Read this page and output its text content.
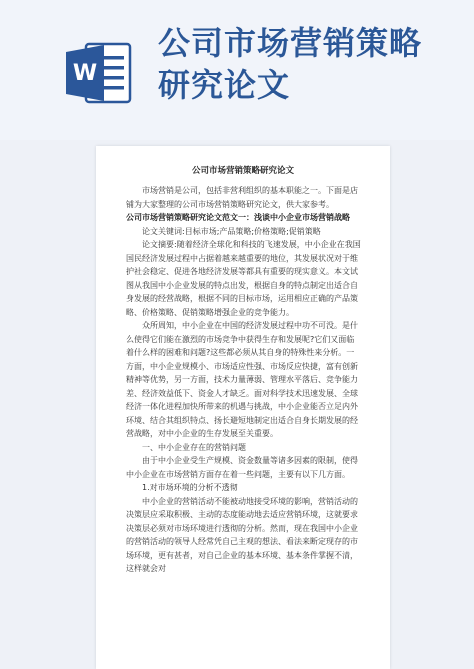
W
公司市场营销策略
研究论文
公司市场营销策略研究论文

市场营销是公司，包括非营利组织的基本职能之一。下面是店铺为大家整理的公司市场营销策略研究论文，供大家参考。

公司市场营销策略研究论文范文一：浅谈中小企业市场营销战略

论文关键词:目标市场;产品策略;价格策略;促销策略

论文摘要:随着经济全球化和科技的飞速发展，中小企业在我国国民经济发展过程中占据着越来越重要的地位，其发展状况对于维护社会稳定、促进各地经济发展等都具有重要的现实意义。本文试图从我国中小企业发展的特点出发，根据自身的特点制定出适合自身发展的经营战略，根据不同的目标市场，运用相应正确的产品策略、价格策略、促销策略增强企业的竞争能力。

众所周知，中小企业在中国的经济发展过程中功不可没。是什么使得它们能在激烈的市场竞争中获得生存和发展呢?它们又面临着什么样的困难和问题?这些都必须从其自身的特殊性来分析。一方面，中小企业规模小、市场适应性强、市场反应快捷，富有创新精神等优势，另一方面，技术力量薄弱、管理水平落后、竞争能力差、经济效益低下、资金人才缺乏。面对科学技术迅速发展、全球经济一体化进程加快所带来的机遇与挑战，中小企业能否立足内外环境、结合其组织特点、扬长避短地制定出适合自身长期发展的经营战略，对中小企业的生存发展至关重要。

一、中小企业存在的营销问题

由于中小企业受生产规模、资金数量等诸多因素的限制，使得中小企业在市场营销方面存在着一些问题，主要有以下几方面。

1.对市场环境的分析不透彻

中小企业的营销活动不能被动地接受环境的影响，营销活动的决策层应采取积极、主动的态度能动地去适应营销环境，这就要求决策层必须对市场环境进行透彻的分析。然而，现在我国中小企业的营销活动的领导人经常凭自己主观的想法、看法来断定现存的市场环境，更有甚者，对自己企业的基本环境、基本条件掌握不清，这样就会对
